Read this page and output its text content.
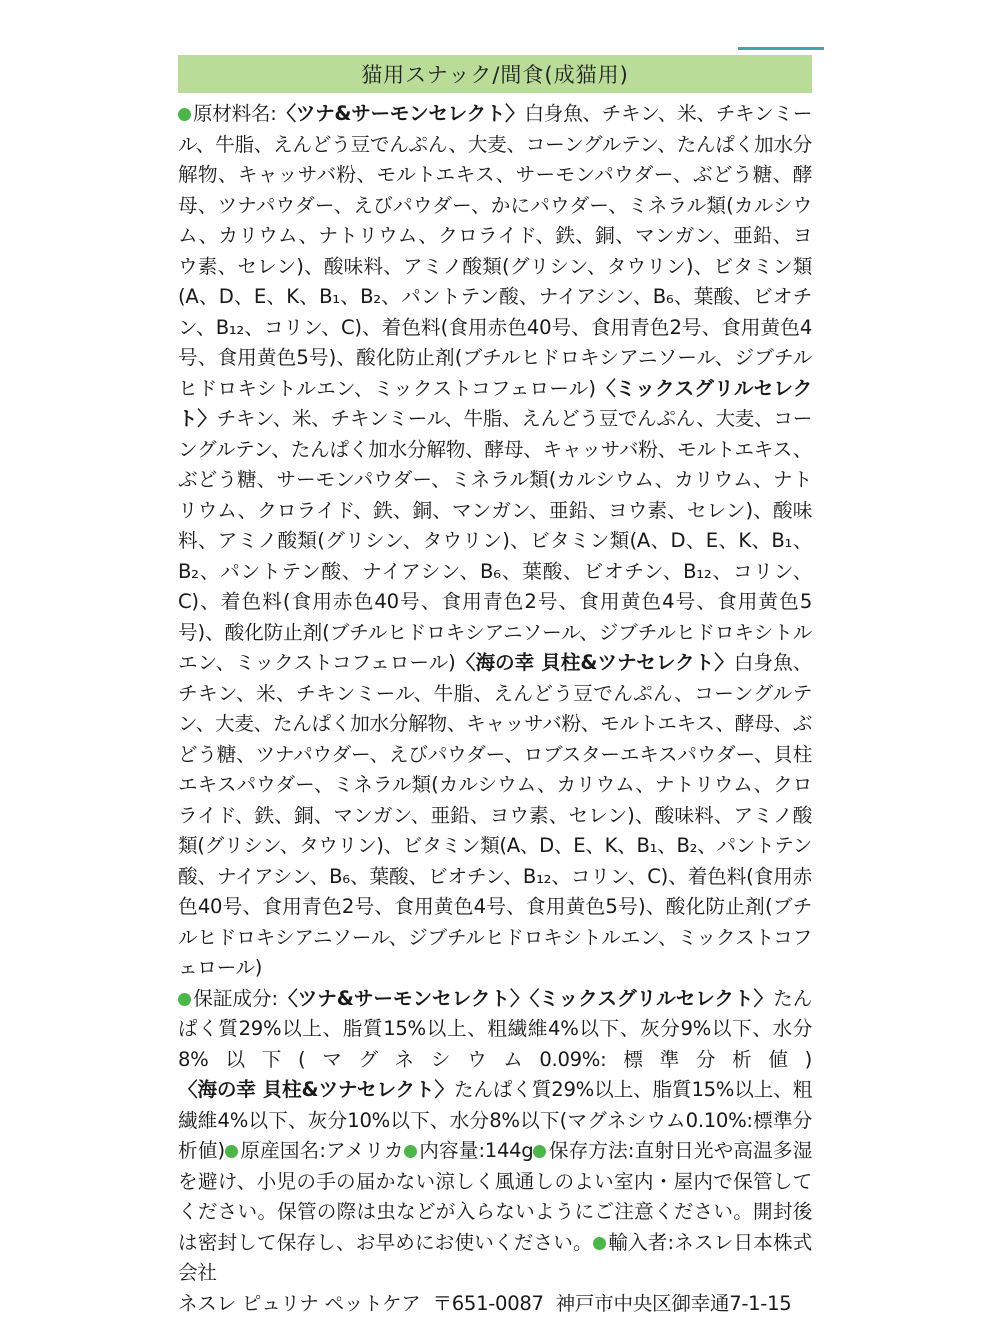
猫用スナック/間食(成猫用)
原材料名:〈ツナ&サーモンセレクト〉白身魚、チキン、米、チキンミール、牛脂、えんどう豆でんぷん、大麦、コーングルテン、たんぱく加水分解物、キャッサバ粉、モルトエキス、サーモンパウダー、ぶどう糖、酵母、ツナパウダー、えびパウダー、かにパウダー、ミネラル類(カルシウム、カリウム、ナトリウム、クロライド、鉄、銅、マンガン、亜鉛、ヨウ素、セレン)、酸味料、アミノ酸類(グリシン、タウリン)、ビタミン類(A、D、E、K、B₁、B₂、パントテン酸、ナイアシン、B₆、葉酸、ビオチン、B₁₂、コリン、C)、着色料(食用赤色40号、食用青色2号、食用黄色4号、食用黄色5号)、酸化防止剤(ブチルヒドロキシアニソール、ジブチルヒドロキシトルエン、ミックストコフェロール)〈ミックスグリルセレクト〉チキン、米、チキンミール、牛脂、えんどう豆でんぷん、大麦、コーングルテン、たんぱく加水分解物、酵母、キャッサバ粉、モルトエキス、ぶどう糖、サーモンパウダー、ミネラル類(カルシウム、カリウム、ナトリウム、クロライド、鉄、銅、マンガン、亜鉛、ヨウ素、セレン)、酸味料、アミノ酸類(グリシン、タウリン)、ビタミン類(A、D、E、K、B₁、B₂、パントテン酸、ナイアシン、B₆、葉酸、ビオチン、B₁₂、コリン、C)、着色料(食用赤色40号、食用青色2号、食用黄色4号、食用黄色5号)、酸化防止剤(ブチルヒドロキシアニソール、ジブチルヒドロキシトルエン、ミックストコフェロール)〈海の幸 貝柱&ツナセレクト〉白身魚、チキン、米、チキンミール、牛脂、えんどう豆でんぷん、コーングルテン、大麦、たんぱく加水分解物、キャッサバ粉、モルトエキス、酵母、ぶどう糖、ツナパウダー、えびパウダー、ロブスターエキスパウダー、貝柱エキスパウダー、ミネラル類(カルシウム、カリウム、ナトリウム、クロライド、鉄、銅、マンガン、亜鉛、ヨウ素、セレン)、酸味料、アミノ酸類(グリシン、タウリン)、ビタミン類(A、D、E、K、B₁、B₂、パントテン酸、ナイアシン、B₆、葉酸、ビオチン、B₁₂、コリン、C)、着色料(食用赤色40号、食用青色2号、食用黄色4号、食用黄色5号)、酸化防止剤(ブチルヒドロキシアニソール、ジブチルヒドロキシトルエン、ミックストコフェロール)
保証成分:〈ツナ&サーモンセレクト〉〈ミックスグリルセレクト〉たんぱく質29%以上、脂質15%以上、粗繊維4%以下、灰分9%以下、水分8%以下(マグネシウム0.09%:標準分析値)〈海の幸 貝柱&ツナセレクト〉たんぱく質29%以上、脂質15%以上、粗繊維4%以下、灰分10%以下、水分8%以下(マグネシウム0.10%:標準分析値) 原産国名:アメリカ 内容量:144g 保存方法:直射日光や高温多湿を避け、小児の手の届かない涼しく風通しのよい室内・屋内で保管してください。保管の際は虫などが入らないようにご注意ください。開封後は密封して保存し、お早めにお使いください。 輸入者:ネスレ日本株式会社
ネスレ ピュリナ ペットケア 〒651-0087 神戸市中央区御幸通7-1-15
